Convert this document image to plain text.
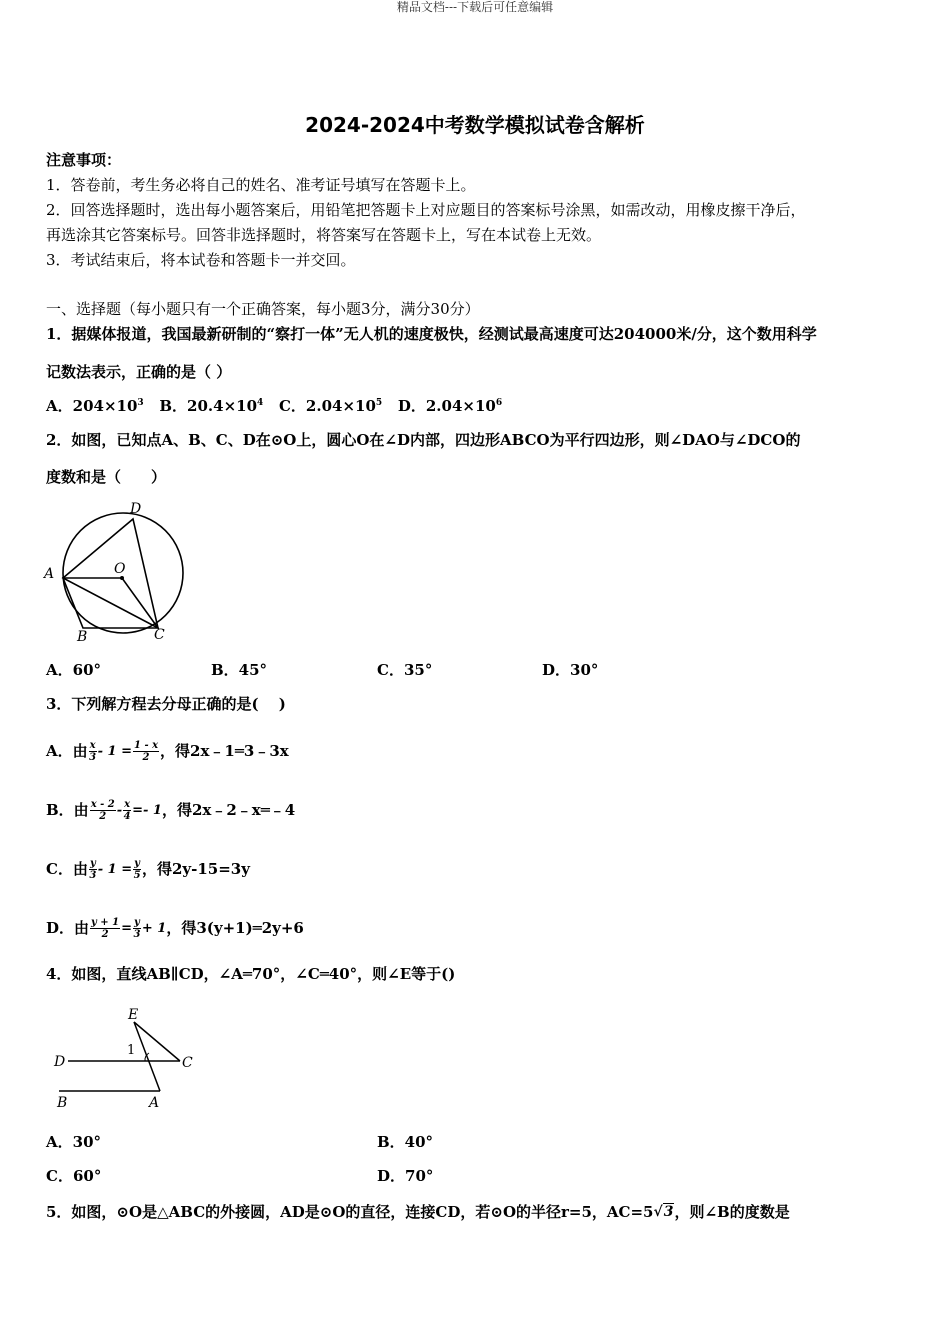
精品文档---下载后可任意编辑
2024-2024中考数学模拟试卷含解析
注意事项：
1．答卷前，考生务必将自己的姓名、准考证号填写在答题卡上。
2．回答选择题时，选出每小题答案后，用铅笔把答题卡上对应题目的答案标号涂黑，如需改动，用橡皮擦干净后，
再选涂其它答案标号。回答非选择题时，将答案写在答题卡上，写在本试卷上无效。
3．考试结束后，将本试卷和答题卡一并交回。
一、选择题（每小题只有一个正确答案，每小题3分，满分30分）
1．据媒体报道，我国最新研制的“察打一体”无人机的速度极快，经测试最高速度可达204000米/分，这个数用科学
记数法表示，正确的是（ ）
A．$204\times 10^3$ B．$20.4\times 10^4$ C．$2.04\times 10^5$ D．$2.04\times 10^6$
2．如图，已知点A、B、C、D在⊙O上，圆心O在∠D内部，四边形ABCO为平行四边形，则∠DAO与∠DCO的
度数和是（　　）
A
D
O
B	C
A．60°	B．45°	C．35°	D．30°
3．下列解方程去分母正确的是(　 )
A．由 $\frac{x}{3} - 1 = \frac{1 - x}{2}$ ，得2x﹣1═3﹣3x
B．由 $\frac{x - 2}{2} - \frac{x}{4} =- 1$ ，得2x﹣2﹣x═﹣4
C．由 $\frac{y}{3} - 1 = \frac{y}{5}$ ，得2y-15=3y
D．由 $\frac{y + 1}{2} = \frac{y}{3} + 1$ ，得3(y+1)═2y+6
4．如图，直线AB∥CD，∠A═70°，∠C═40°，则∠E等于()
E
D	C
B	A
1
A．30°	B．40°
C．60°	D．70°
5．如图，⊙O是△ABC的外接圆，AD是⊙O的直径，连接CD，若⊙O的半径r=5，AC=5 √3 ，则∠B的度数是
